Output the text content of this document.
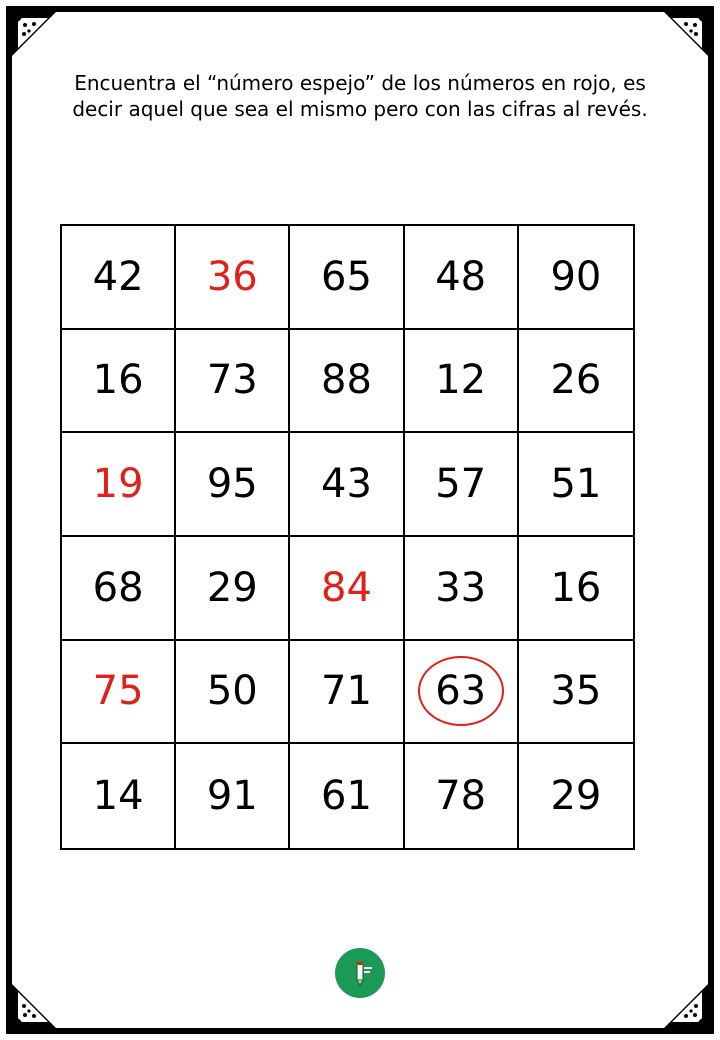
Encuentra el “número espejo” de los números en rojo, es decir aquel que sea el mismo pero con las cifras al revés.
42 36 65 48 90
16 73 88 12 26
19 95 43 57 51
68 29 84 33 16
75 50 71 63 35
14 91 61 78 29
